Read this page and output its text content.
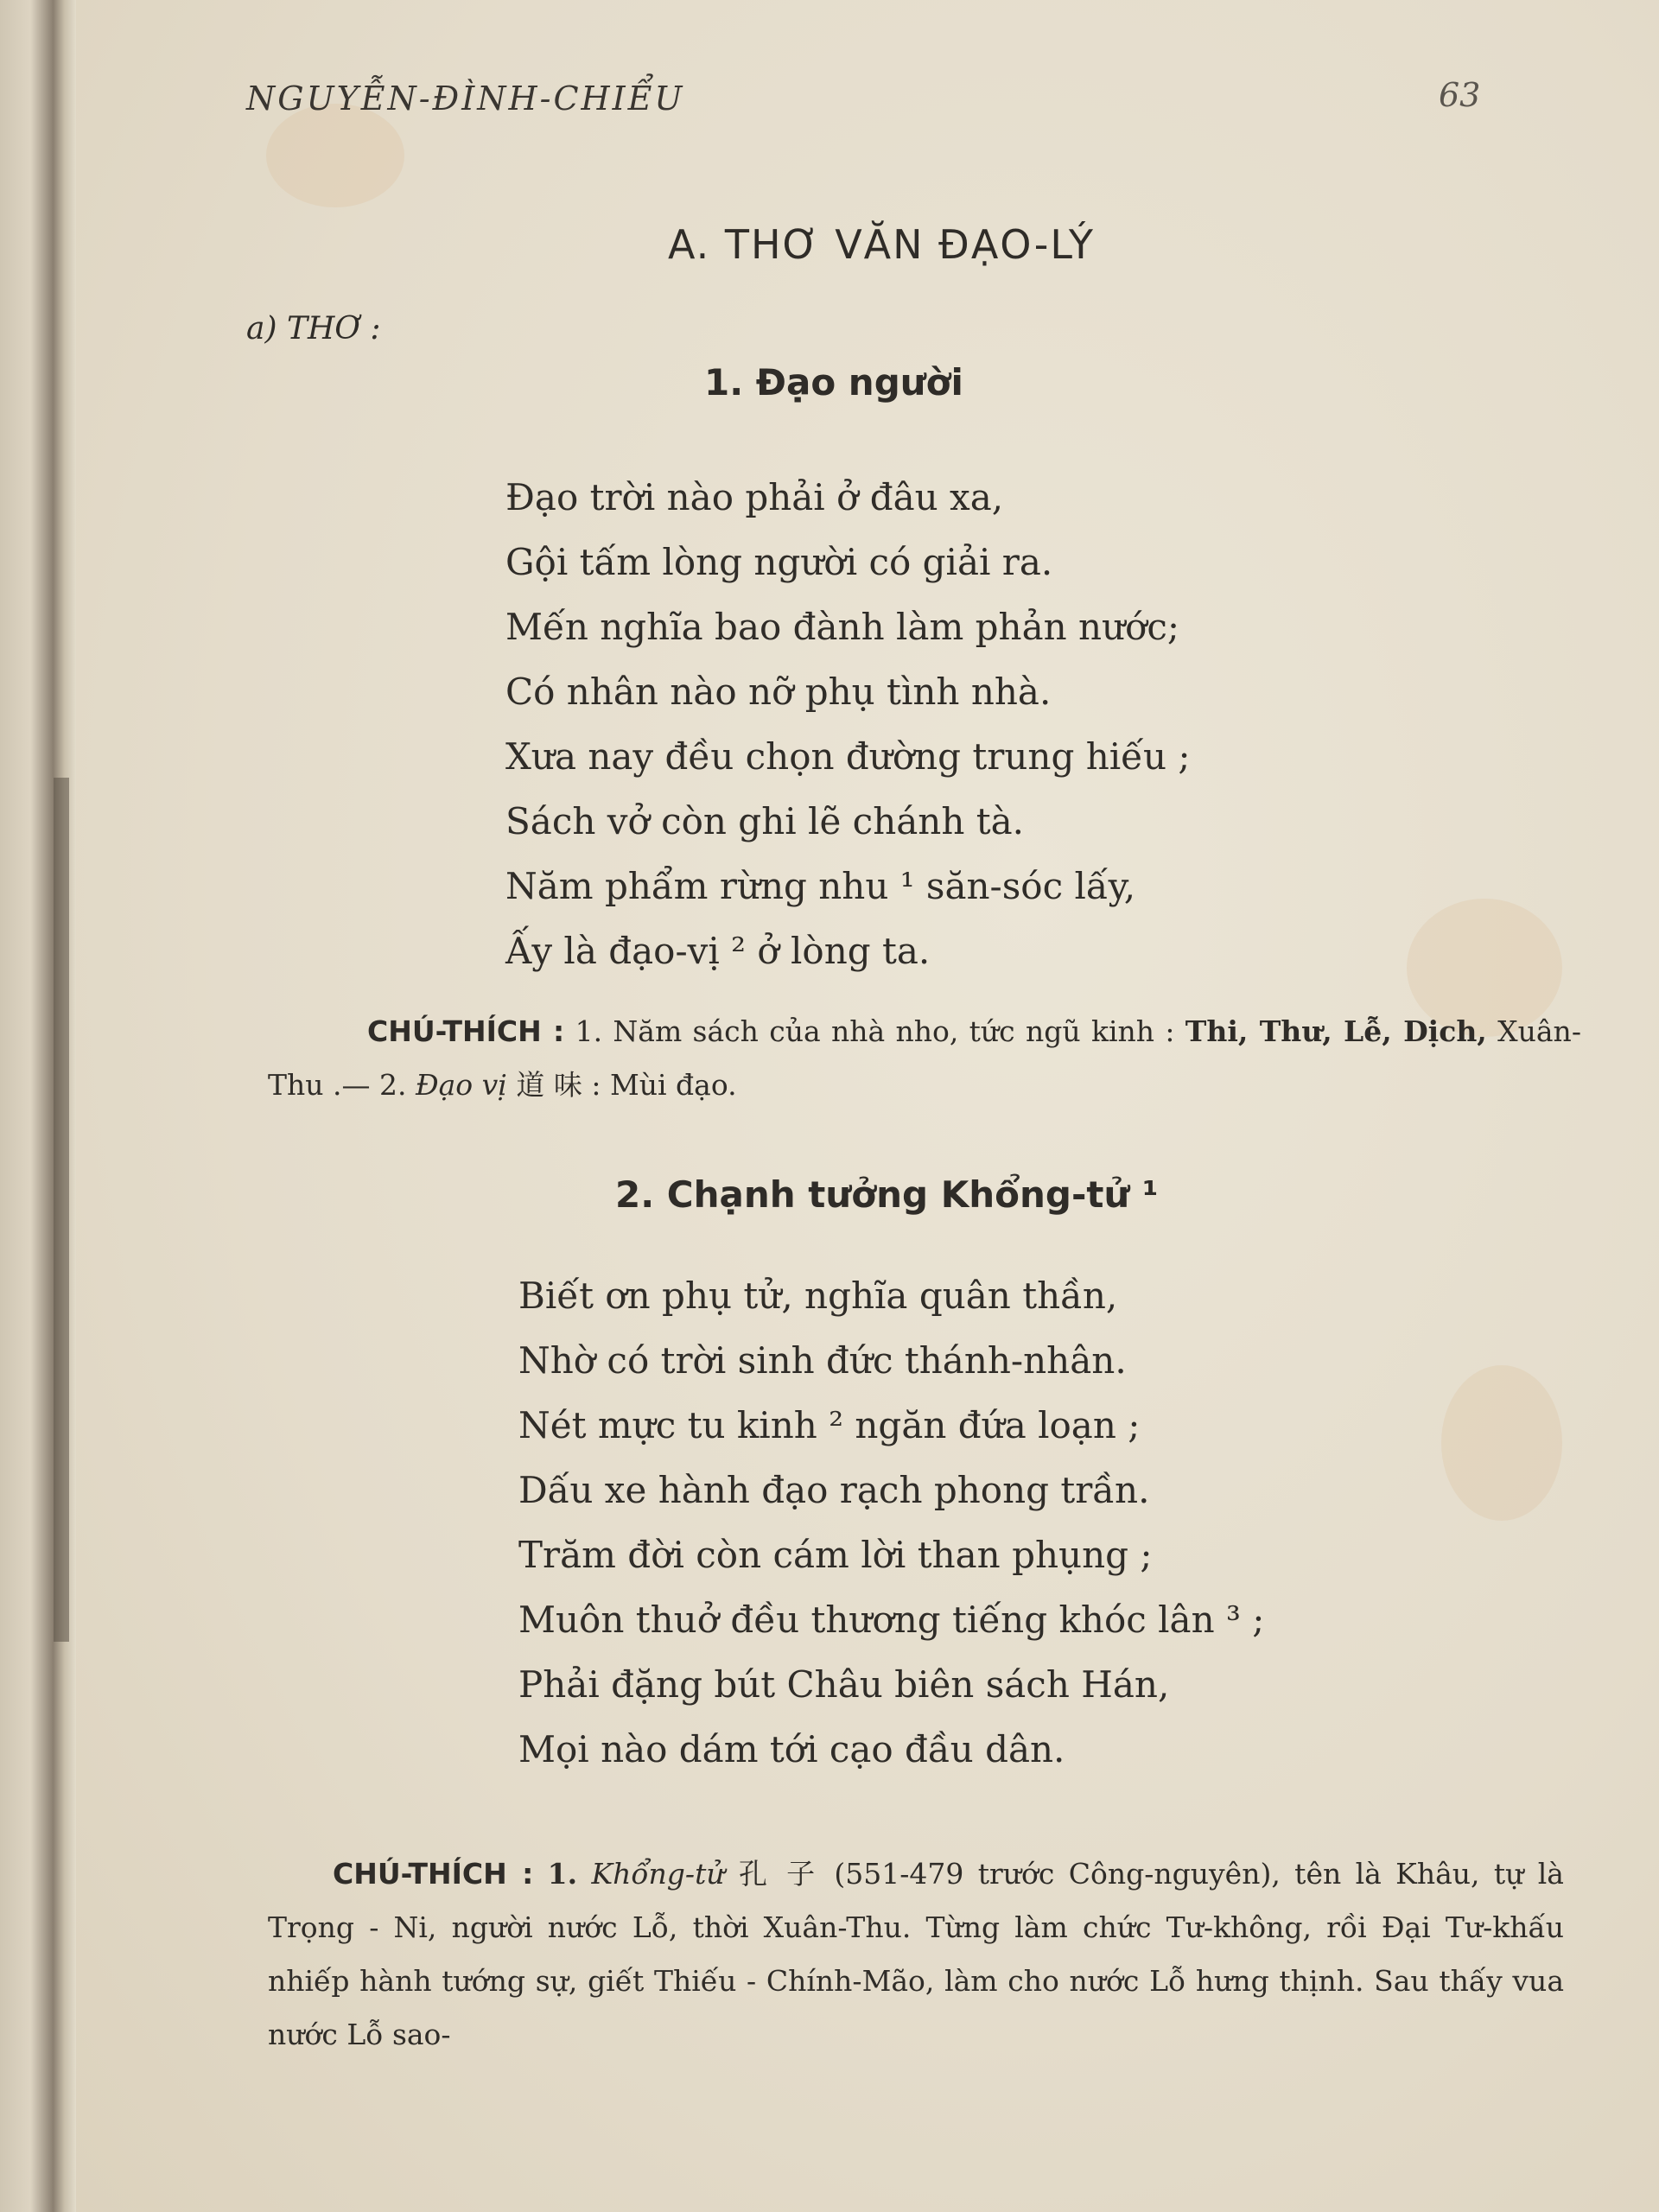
NGUYỄN-ĐÌNH-CHIỂU	63
A. THƠ VĂN ĐẠO-LÝ
a) THƠ :
1. Đạo người
Đạo trời nào phải ở đâu xa,
Gội tấm lòng người có giải ra.
Mến nghĩa bao đành làm phản nước;
Có nhân nào nỡ phụ tình nhà.
Xưa nay đều chọn đường trung hiếu ;
Sách vở còn ghi lẽ chánh tà.
Năm phẩm rừng nhu ¹ săn-sóc lấy,
Ấy là đạo-vị ² ở lòng ta.
CHÚ-THÍCH : 1. Năm sách của nhà nho, tức ngũ kinh : Thi, Thư, Lễ, Dịch, Xuân-Thu .— 2. Đạo vị 道 味 : Mùi đạo.
2. Chạnh tưởng Khổng-tử ¹
Biết ơn phụ tử, nghĩa quân thần,
Nhờ có trời sinh đức thánh-nhân.
Nét mực tu kinh ² ngăn đứa loạn ;
Dấu xe hành đạo rạch phong trần.
Trăm đời còn cám lời than phụng ;
Muôn thuở đều thương tiếng khóc lân ³ ;
Phải đặng bút Châu biên sách Hán,
Mọi nào dám tới cạo đầu dân.
CHÚ-THÍCH : 1. Khổng-tử 孔 子 (551-479 trước Công-nguyên), tên là Khâu, tự là Trọng - Ni, người nước Lỗ, thời Xuân-Thu. Từng làm chức Tư-không, rồi Đại Tư-khấu nhiếp hành tướng sự, giết Thiếu - Chính-Mão, làm cho nước Lỗ hưng thịnh. Sau thấy vua nước Lỗ sao-
